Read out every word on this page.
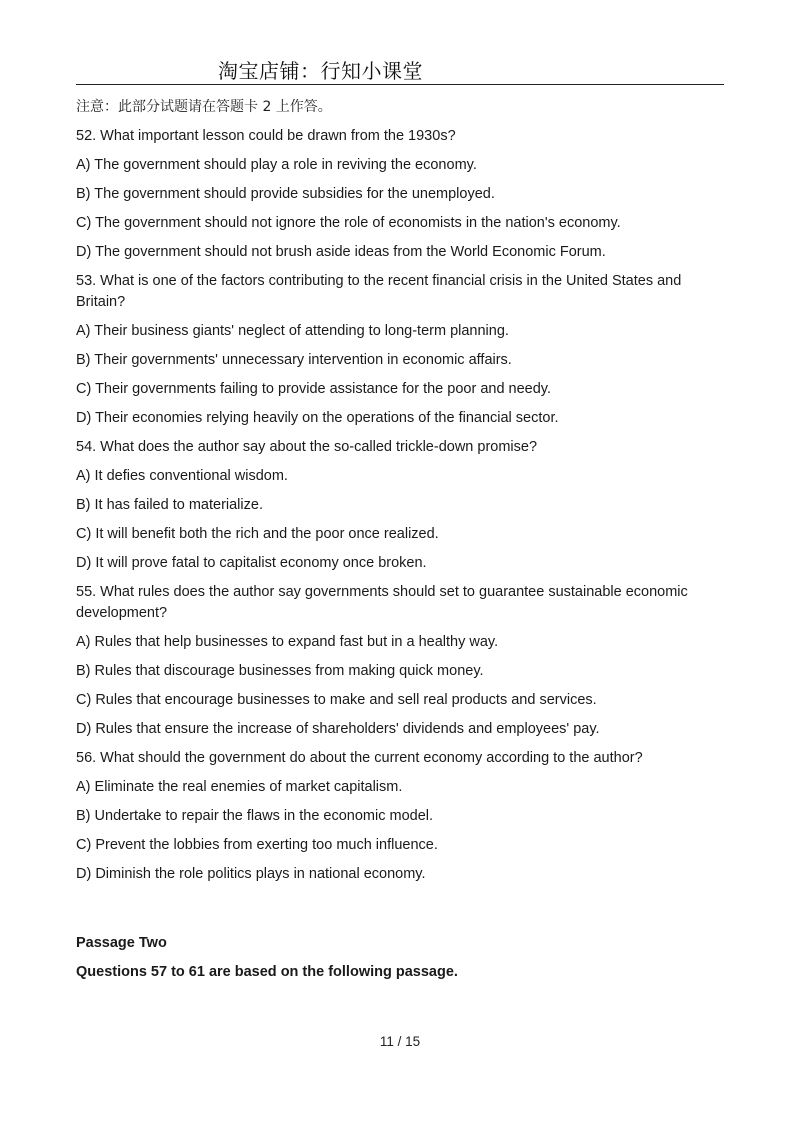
淘宝店铺：行知小课堂

注意：此部分试题请在答题卡 2 上作答。

52. What important lesson could be drawn from the 1930s?

A) The government should play a role in reviving the economy.

B) The government should provide subsidies for the unemployed.

C) The government should not ignore the role of economists in the nation's economy.

D) The government should not brush aside ideas from the World Economic Forum.

53. What is one of the factors contributing to the recent financial crisis in the United States and Britain?

A) Their business giants' neglect of attending to long-term planning.

B) Their governments' unnecessary intervention in economic affairs.

C) Their governments failing to provide assistance for the poor and needy.

D) Their economies relying heavily on the operations of the financial sector.

54. What does the author say about the so-called trickle-down promise?

A) It defies conventional wisdom.

B) It has failed to materialize.

C) It will benefit both the rich and the poor once realized.

D) It will prove fatal to capitalist economy once broken.

55. What rules does the author say governments should set to guarantee sustainable economic development?

A) Rules that help businesses to expand fast but in a healthy way.

B) Rules that discourage businesses from making quick money.

C) Rules that encourage businesses to make and sell real products and services.

D) Rules that ensure the increase of shareholders' dividends and employees' pay.

56. What should the government do about the current economy according to the author?

A) Eliminate the real enemies of market capitalism.

B) Undertake to repair the flaws in the economic model.

C) Prevent the lobbies from exerting too much influence.

D) Diminish the role politics plays in national economy.

Passage Two

Questions 57 to 61 are based on the following passage.

11 / 15
